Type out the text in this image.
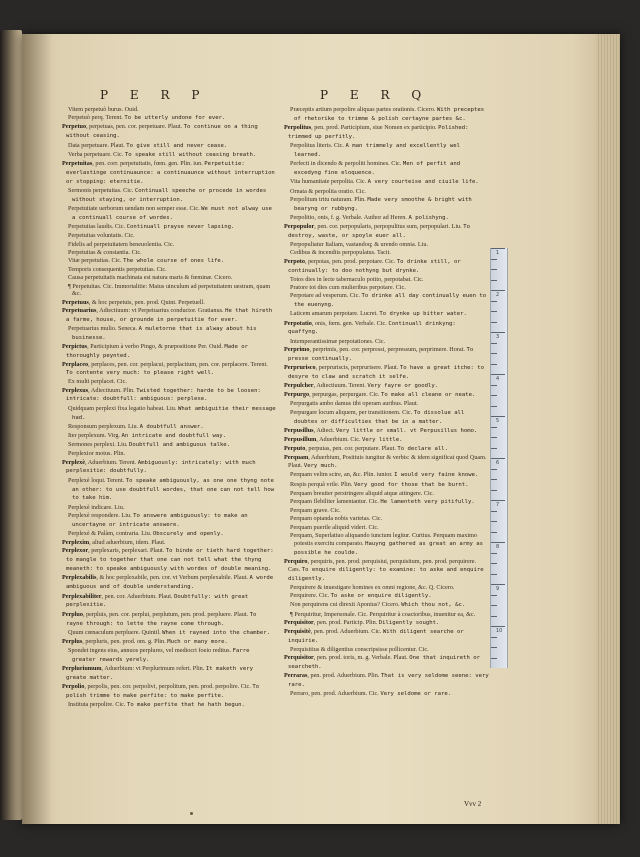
P E R P	P E R Q
Vitem perpetuò burus. Ouid.
Perpetuò perq. Terent. To be utterly undone for ever.
Perpetuo, perpetuas, pen. cor. perpetuare. Plaut. To continue on a thing without ceasing.
Data perpetuare. Plaut. To give still and never cease.
Verba perpetuare. Cic. To speake still without ceasing breath.
Perpetuitas, pen. corr. perpetuitatis, fœm. gen. Plin. iun. Perpetuitie: everlastinge continuaunce: a continuaunce without interruption or stopping: eternitie.
Sermonis perpetuitas. Cic. Continuall speeche or procede in wordes without staying, or interruption.
Perpetuitate uerborum uendam non semper esse. Cic. We must not alway use a continuall course of wordes.
Perpetuitas laudis. Cic. Continuall prayse never lapsing.
Perpetuitas voluntatis. Cic.
Fidelis ad perpetuitatem beneuolentia. Cic.
Perpetuitas & constantia. Cic.
Vitæ perpetuitas. Cic. The whole course of ones life.
Temporis consequentis perpetuitas. Cic.
Causa perpetuitatis machinata est natura maris & fœminæ. Cicero.
¶ Perpetuitas. Cic. Immortalitie: Maius uinculum ad perpetuitatem uestram, quam &c.
Perpetuus, & hoc perpetuis, pen. prod. Quint. Perpetuell.
Perpetuarius, Adiectiuum: vt Perpetuarius conductor. Gratianus. He that hireth a farme, house, or grounde in perpetuitie for ever.
Perpetuarius mulio. Seneca. A muletorne that is alway about his businesse.
Perpictus, Participium à verbo Pingo, & præpositione Per. Ouid. Made or thoroughly peynted.
Perplaceo, perplaces, pen. cor. perplacui, perplacitum, pen. cor. perplacere. Terent. To contente very much: to please right well.
Ex multi perplacet. Cic.
Perplexus, Adiectiuum. Plin. Twisted together: harde to be loosen: intricate: doubtfull: ambiguous: perplexe.
Quidquam perplexi fixa legatio habeat. Liu. What ambiguitie their message had.
Responsum perplexum. Liu. A doubtfull answer.
Iter perplexum. Virg. An intricate and doubtfull way.
Sermones perplexi. Liu. Doubtfull and ambiguous talke.
Perplexior motus. Plin.
Perplexè, Aduerbium. Terent. Ambiguously: intricately: with much perplexitie: doubtfully.
Perplexè loqui. Terent. To speake ambiguously, as one one thyng note an other: to use doubtfull wordes, that one can not tell how to take him.
Perplexè indicare. Liu.
Perplexè respondere. Liu. To answere ambiguously: to make an uncertayne or intricate answere.
Perplexè & Palàm, contraria. Liu. Obscurely and openly.
Perplexim, aliud aduerbium, idem. Plaut.
Perplexor, perplexaris, perplexari. Plaut. To binde or tieth hard together: to mangle to together that one can not tell what the thyng meaneth: to speake ambiguously with wordes of double meaning.
Perplexabilis, & hoc perplexabile, pen. cor. vt Verbum perplexabile. Plaut. A worde ambiguous and of double understanding.
Perplexabiliter, pen. cor. Aduerbium. Plaut. Doubtfully: with great perplexitie.
Perpluo, perpluis, pen. cor. perplui, perplutum, pen. prod. perpluere. Plaut. To rayne through: to lette the rayne come through.
Quum cœnaculum perpluere. Quintil. When it rayned into the chamber.
Perplus, perpluris, pen. prod. om. g. Plin. Much or many more.
Spondet ingens eius, annuos perplures, vel mediocri foeio reditus. Farre greater rewards yerely.
Perpluriumum, Aduerbium: vt Perplurimum refert. Plin. It maketh very greate matter.
Perpolio, perpolis, pen. cor. perpolivi, perpolitum, pen. prod. perpolire. Cic. To polish trimme to make perfite: to make perfite.
Instituta perpolire. Cic. To make perfite that he hath begun.
Præceptis artium perpolire aliquas partes orationis. Cicero. With preceptes of rhetorike to trimme & polish certayne partes &c.
Perpolitus, pen. prod. Participium, siue Nomen ex participio. Polished: trimmed up perfitly.
Perpolitus literis. Cic. A man trimmely and excellently wel learned.
Perfecti in dicendo & perpoliti homines. Cic. Men of perfit and excedyng fine eloquence.
Vita humanitate perpolita. Cic. A very courteise and ciuile life.
Ornata & perpolita oratio. Cic.
Perpolitum tritu naturam. Plin. Made very smoothe & bright with bearyng or rubbyng.
Perpolitio, onis, f. g. Verbale. Author ad Heren. A polishyng.
Perpopulor, pen. cor. perpopularis, perpopulitus sum, perpopulari. Liu. To destroy, waste, or spoyle euer all.
Perpopuliatur Italiam, vastandoq; & urendo omnia. Liu.
Cedibus & incendiis perpopulatus. Tacit.
Perpoto, perpotas, pen. prod. perpotare. Cic. To drinke still, or continually: to doo nothyng but drynke.
Totos dies in lecte tabernaculo potito, perpotabat. Cic.
Pratore tot dies cum mulieribus perpotare. Cic.
Perpotare ad vesperum. Cic. To drinke all day continually euen to the euenyng.
Laticem amarum perpotare. Lucret. To drynke up bitter water.
Perpotatio, onis, fœm. gen. Verbale. Cic. Continuall drinkyng: quaffyng.
Intemperantissimæ perpotationes. Cic.
Perprimo, perprimis, pen. cor. perpressi, perpressum, perprimere. Horat. To presse continually.
Perprurisco, perpruriscis, perprurisere. Plaut. To have a great itche: to desyre to claw and scratch it selfe.
Perpulcher, Adiectiuum. Terent. Very fayre or goodly.
Perpurgo, perpurgas, perpurgare. Cic. To make all cleane or neate.
Perpurgatis ambo damus tibi operam auribus. Plaut.
Perpurgare locum aliquem, per transitionem. Cic. To dissolue all doubtes or difficulties that be in a matter.
Perpusillus, Adiect. Very little or small. vt Perpusillus homo.
Perpusillum, Aduerbium. Cic. Very little.
Perputo, perputas, pen. cor. perputare. Plaut. To declare all.
Perquam, Aduerbium, Positiuis iungitur & verbis: & idem significat quod Quam. Plaut. Very much.
Perquam velim scire, an, &c. Plin. iunior. I would very faine knowe.
Respis perquã vrile. Plin. Very good for those that be burnt.
Perquam breuiter perstringere aliquid atque attingere. Cic.
Perquam flebiliter lamentantur. Cic. He lamenteth very pitifully.
Perquam grave. Cic.
Perquam optanda nobis varietas. Cic.
Perquam puerile aliquid videri. Cic.
Perquam, Superlatiuo aliquando iunctum legitur. Curtius. Perquam maximo potestis exercitu comparato. Hauyng gathered as great an army as possible he coulde.
Perquiro, perquiris, pen. prod. perquisiui, perquisitum, pen. prod. perquirere. Cæs. To enquire diligently: to examine: to aske and enquire diligently.
Perquirere & inuestigare homines ex omni regione, &c. Q. Cicero.
Perquirere. Cic. To aske or enquire diligently.
Non perquirens cui direxit Aponius? Cicero. Which thou not, &c.
¶ Perquiritur, Impersonale. Cic. Perquiritur à coactoribus, inuenitur ea, &c.
Perquisitor, pen. prod. Particip. Plin. Diligently sought.
Perquisitè, pen. prod. Aduerbium. Cic. With diligent searche or inquirie.
Perquisitius & diligentius conscripsisse pollicentur. Cic.
Perquisitor, pen. prod. toris, m. g. Verbale. Plaut. One that inquireth or searcheth.
Perraras, pen. prod. Aduerbium. Plin. That is very seldome seene: very rare.
Perraro, pen. prod. Aduerbium. Cic. Very seldome or rare.
1
2
3
4
5
6
7
8
9
10
Vvv 2
